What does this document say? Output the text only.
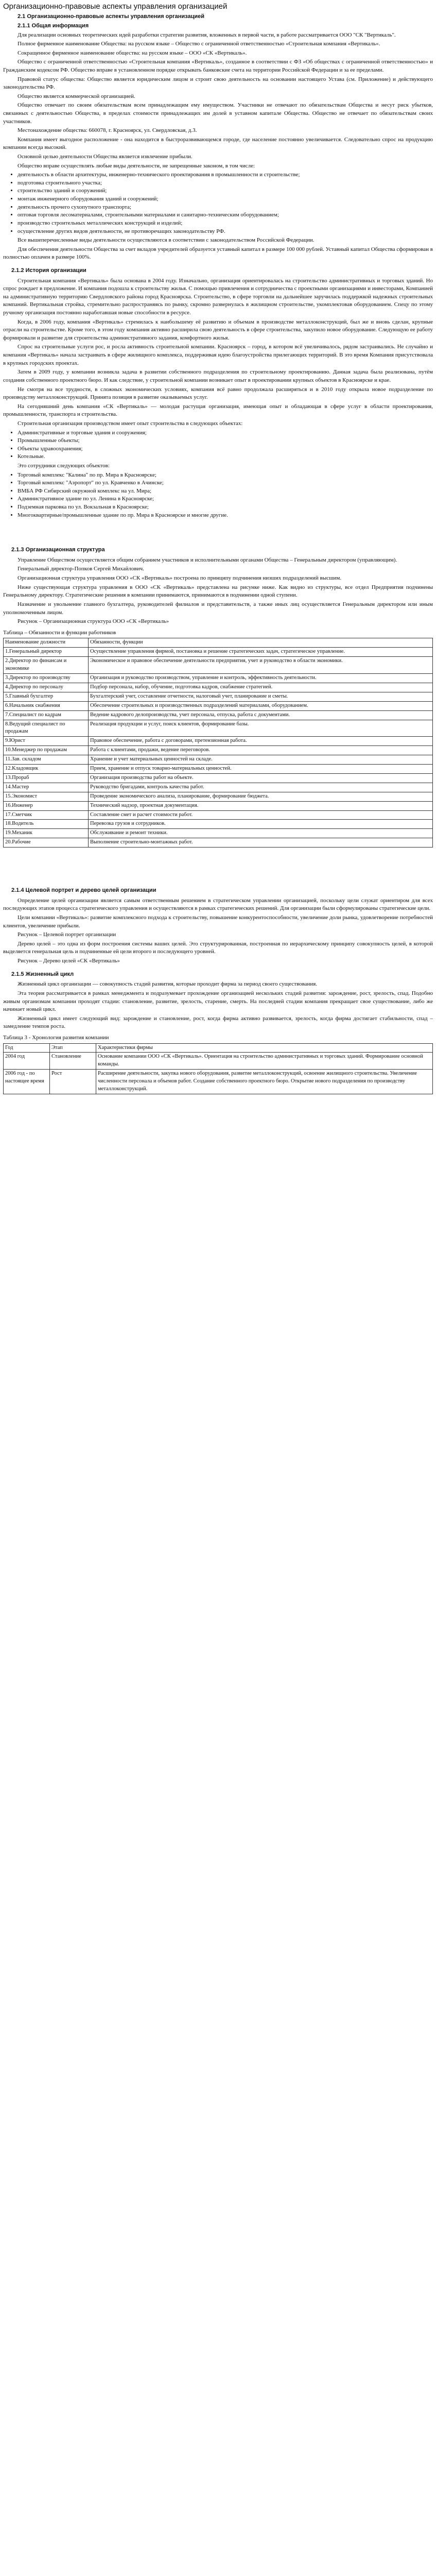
Организационно-правовые аспекты управления организацией
2.1 Организационно-правовые аспекты управления организацией
2.1.1 Общая информация

Для реализации основных теоретических идей разработки стратегии развития, вложенных в первой части, в работе рассматривается ООО "СК "Вертикаль".

Полное фирменное наименование Общества: на русском языке – Общество с ограниченной ответственностью «Строительная компания «Вертикаль».

Сокращенное фирменное наименование общества: на русском языке – ООО «СК «Вертикаль».

Общество с ограниченной ответственностью «Строительная компания «Вертикаль», созданное в соответствии с ФЗ «Об обществах с ограниченной ответственностью» и Гражданским кодексом РФ. Общество вправе в установленном порядке открывать банковские счета на территории Российской Федерации и за ее пределами.

Правовой статус общества: Общество является юридическим лицом и строит свою деятельность на основании настоящего Устава (см. Приложение) и действующего законодательства РФ.

Общество является коммерческой организацией.

Общество отвечает по своим обязательствам всем принадлежащим ему имуществом. Участники не отвечают по обязательствам Общества и несут риск убытков, связанных с деятельностью Общества, в пределах стоимости принадлежащих им долей в уставном капитале Общества. Общество не отвечает по обязательствам своих участников.

Местонахождение общества: 660078, г. Красноярск, ул. Свердловская, д.3.

Компания имеет выгодное расположение - она находится в быстроразвивающемся городе, где население постоянно увеличивается. Следовательно спрос на продукцию компании всегда высокий.

Основной целью деятельности Общества является извлечение прибыли.

Общество вправе осуществлять любые виды деятельности, не запрещенные законом, в том числе:

• деятельность в области архитектуры, инженерно-технического проектирования в промышленности и строительстве;
• подготовка строительного участка;
• строительство зданий и сооружений;
• монтаж инженерного оборудования зданий и сооружений;
• деятельность прочего сухопутного транспорта;
• оптовая торговля лесоматериалами, строительными материалами и санитарно-техническим оборудованием;
• производство строительных металлических конструкций и изделий;
• осуществление других видов деятельности, не противоречащих законодательству РФ.

Все вышеперечисленные виды деятельности осуществляются в соответствии с законодательством Российской Федерации.

Для обеспечения деятельности Общества за счет вкладов учредителей образуется уставный капитал в размере 100 000 рублей. Уставный капитал Общества сформирован в полностью оплачен в размере 100%.

2.1.2 История организации

Строительная компания «Вертикаль» была основана в 2004 году. Изначально, организация ориентировалась на строительство административных и торговых зданий. Но спрос рождает в предложение. И компания подошла к строительству жилья. С помощью привлечения и сотрудничества с проектными организациями и инвесторами, Компанией на административную территорию Свердловского района город Красноярска. Строительство, в сфере торговли на дальнейшее заручилась поддержкой надежных строительных компаний. Вертикальная стройка, стремительно распространяясь по рынку, скромно развернулась в жилищном строительстве, укомплектовав оборудованием. Спецу по этому ручному организация постоянно наработавшая новые способности в ресурсе.

Когда, в 2006 году, компания «Вертикаль» стремилась к наибольшему её развитию и объемам в производстве металлоконструкций, был же и вновь сделан, крупные отрасли на строительстве. Кроме того, в этом году компания активно расширила свою деятельность в сфере строительства, закупило новое оборудование. Следующую ее работу формировали и развитие для строительства административного задания, комфортного жилья.

Спрос на строительные услуги рос, и росла активность строительной компании. Красноярск – город, в котором всё увеличивалось, рядом застраивались. Не случайно и компания «Вертикаль» начала застраивать в сфере жилищного комплекса, поддерживая идею благоустройства прилегающих территорий. В это время Компания присутствовала в крупных городских проектах.

Затем в 2009 году, у компании возникла задача в развитии собственного подразделения по строительному проектированию. Данная задача была реализована, путём создания собственного проектного бюро. И как следствие, у строительной компании возникает опыт в проектировании крупных объектов в Красноярске и крае.

Не смотря на все трудности, в сложных экономических условиях, компания всё равно продолжала расширяться и в 2010 году открыла новое подразделение по производству металлоконструкций. Принята позиция в развитие оказываемых услуг.

На сегодняшний день компания «СК «Вертикаль» — молодая растущая организация, имеющая опыт и обладающая в сфере услуг в области проектирования, промышленности, транспорта и строительства.

Строительная организация производством имеет опыт строительства в следующих объектах:

• Административные и торговые здания и сооружения;
• Промышленные объекты;
• Объекты здравоохранения;
• Котельные.

Это сотрудники следующих объектов:

• Торговый комплекс "Калина" по пр. Мира в Красноярске;
• Торговый комплекс "Аэропорт" по ул. Кравченко в Ачинске;
• ВМБА РФ Сибирский окружной комплекс на ул. Мира;
• Административное здание по ул. Ленина в Красноярске;
• Подземная парковка по ул. Вокзальная в Красноярске;
• Многоквартирные/промышленные здание по пр. Мира в Красноярске и многие другие.
2.1.3 Организационная структура

Управление Обществом осуществляется общим собранием участников и исполнительными органами Общества – Генеральным директором (управляющим).

Генеральный директор-Попков Сергей Михайлович.

Организационная структура управления ООО «СК «Вертикаль» построена по принципу подчинения низших подразделений высшим.

Ниже существующая структура управления в ООО «СК «Вертикаль» представлена на рисунке ниже. Как видно из структуры, все отдел Предприятия подчинены Генеральному директору. Стратегические решения в компании принимаются, принимаются в подчинении одной ступени.

Назначение и увольнение главного бухгалтера, руководителей филиалов и представительств, а также иных лиц осуществляется Генеральным директором или иным уполномоченным лицом.

Рисунок – Организационная структура ООО «СК «Вертикаль»

Таблица – Обязанности и функции работников

Наименование должности	Обязанности, функции
1.Генеральный директор	Осуществление управления фирмой, постановка и решение стратегических задач, стратегическое управление.
2.Директор по финансам и экономике	Экономическое и правовое обеспечение деятельности предприятия, учет и руководство в области экономики.
3.Директор по производству	Организация и руководство производством, управление и контроль, эффективность деятельности.
4.Директор по персоналу	Подбор персонала, набор, обучение, подготовка кадров, снабжение стратегией.
5.Главный бухгалтер	Бухгалтерский учет, составление отчетности, налоговый учет, планирование и сметы.
6.Начальник снабжения	Обеспечение строительных и производственных подразделений материалами, оборудованием.
7.Специалист по кадрам	Ведение кадрового делопроизводства, учет персонала, отпуска, работа с документами.
8.Ведущий специалист по продажам	Реализация продукции и услуг, поиск клиентов, формирование базы.
9.Юрист	Правовое обеспечение, работа с договорами, претензионная работа.
10.Менеджер по продажам	Работа с клиентами, продажи, ведение переговоров.
11.Зав. складом	Хранение и учет материальных ценностей на складе.
12.Кладовщик	Прием, хранение и отпуск товарно-материальных ценностей.
13.Прораб	Организация производства работ на объекте.
14.Мастер	Руководство бригадами, контроль качества работ.
15.Экономист	Проведение экономического анализа, планирование, формирование бюджета.
16.Инженер	Технический надзор, проектная документация.
17.Сметчик	Составление смет и расчет стоимости работ.
18.Водитель	Перевозка грузов и сотрудников.
19.Механик	Обслуживание и ремонт техники.
20.Рабочие	Выполнение строительно-монтажных работ.
2.1.4 Целевой портрет и дерево целей организации

Определение целей организации является самым ответственным решением в стратегическом управлении организацией, поскольку цели служат ориентиром для всех последующих этапов процесса стратегического управления и осуществляются в рамках стратегических решений. Для организации были сформулированы стратегические цели.

Цели компании «Вертикаль»: развитие комплексного подхода к строительству, повышение конкурентоспособности, увеличение доли рынка, удовлетворение потребностей клиентов, увеличение прибыли.

Рисунок – Целевой портрет организации

Дерево целей – это одна из форм построения системы ваших целей. Это структурированная, построенная по иерархическому принципу совокупность целей, в которой выделяется генеральная цель и подчиненные ей цели второго и последующего уровней.

Рисунок – Дерево целей «СК «Вертикаль»

2.1.5 Жизненный цикл

Жизненный цикл организации — совокупность стадий развития, которые проходит фирма за период своего существования.

Эта теория рассматривается в рамках менеджмента и подразумевает прохождение организацией нескольких стадий развития: зарождение, рост, зрелость, спад. Подобно живым организмам компании проходят стадии: становление, развитие, зрелость, старение, смерть. На последней стадии компания прекращает свое существование, либо же начинает новый цикл.

Жизненный цикл имеет следующий вид: зарождение и становление, рост, когда фирма активно развивается, зрелость, когда фирма достигает стабильности, спад – замедление темпов роста.

Таблица 3 - Хронология развития компании

Год	Этап	Характеристики фирмы
2004 год	Становление	Основание компании ООО «СК «Вертикаль». Ориентация на строительство административных и торговых зданий. Формирование основной команды.
2006 год - по настоящее время	Рост	Расширение деятельности, закупка нового оборудования, развитие металлоконструкций, освоение жилищного строительства. Увеличение численности персонала и объемов работ. Создание собственного проектного бюро. Открытие нового подразделения по производству металлоконструкций.
